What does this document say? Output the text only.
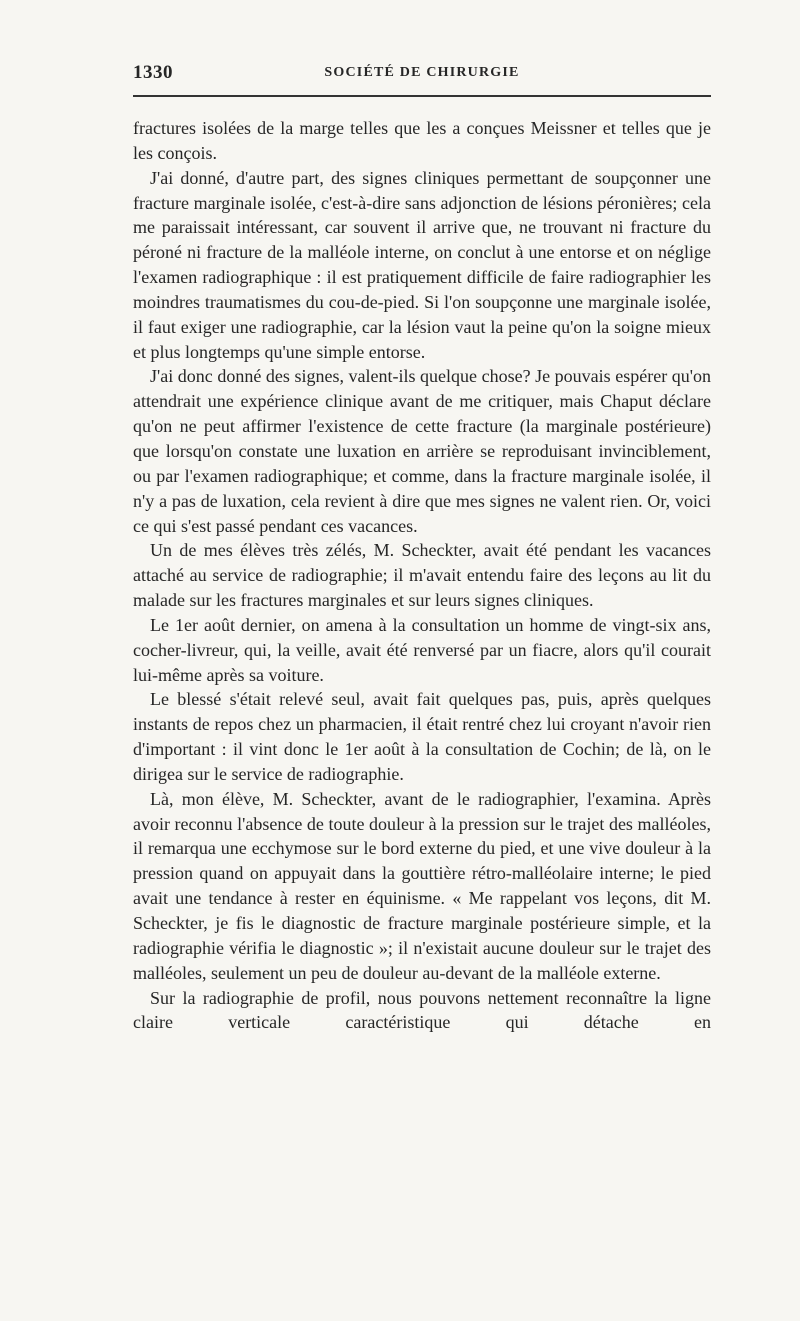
1330	SOCIÉTÉ DE CHIRURGIE

fractures isolées de la marge telles que les a conçues Meissner et telles que je les conçois.

J'ai donné, d'autre part, des signes cliniques permettant de soupçonner une fracture marginale isolée, c'est-à-dire sans adjonction de lésions péronières; cela me paraissait intéressant, car souvent il arrive que, ne trouvant ni fracture du péroné ni fracture de la malléole interne, on conclut à une entorse et on néglige l'examen radiographique : il est pratiquement difficile de faire radiographier les moindres traumatismes du cou-de-pied. Si l'on soupçonne une marginale isolée, il faut exiger une radiographie, car la lésion vaut la peine qu'on la soigne mieux et plus longtemps qu'une simple entorse.

J'ai donc donné des signes, valent-ils quelque chose? Je pouvais espérer qu'on attendrait une expérience clinique avant de me critiquer, mais Chaput déclare qu'on ne peut affirmer l'existence de cette fracture (la marginale postérieure) que lorsqu'on constate une luxation en arrière se reproduisant invinciblement, ou par l'examen radiographique; et comme, dans la fracture marginale isolée, il n'y a pas de luxation, cela revient à dire que mes signes ne valent rien. Or, voici ce qui s'est passé pendant ces vacances.

Un de mes élèves très zélés, M. Scheckter, avait été pendant les vacances attaché au service de radiographie; il m'avait entendu faire des leçons au lit du malade sur les fractures marginales et sur leurs signes cliniques.

Le 1er août dernier, on amena à la consultation un homme de vingt-six ans, cocher-livreur, qui, la veille, avait été renversé par un fiacre, alors qu'il courait lui-même après sa voiture.

Le blessé s'était relevé seul, avait fait quelques pas, puis, après quelques instants de repos chez un pharmacien, il était rentré chez lui croyant n'avoir rien d'important : il vint donc le 1er août à la consultation de Cochin; de là, on le dirigea sur le service de radiographie.

Là, mon élève, M. Scheckter, avant de le radiographier, l'examina. Après avoir reconnu l'absence de toute douleur à la pression sur le trajet des malléoles, il remarqua une ecchymose sur le bord externe du pied, et une vive douleur à la pression quand on appuyait dans la gouttière rétro-malléolaire interne; le pied avait une tendance à rester en équinisme. « Me rappelant vos leçons, dit M. Scheckter, je fis le diagnostic de fracture marginale postérieure simple, et la radiographie vérifia le diagnostic »; il n'existait aucune douleur sur le trajet des malléoles, seulement un peu de douleur au-devant de la malléole externe.

Sur la radiographie de profil, nous pouvons nettement reconnaître la ligne claire verticale caractéristique qui détache en
